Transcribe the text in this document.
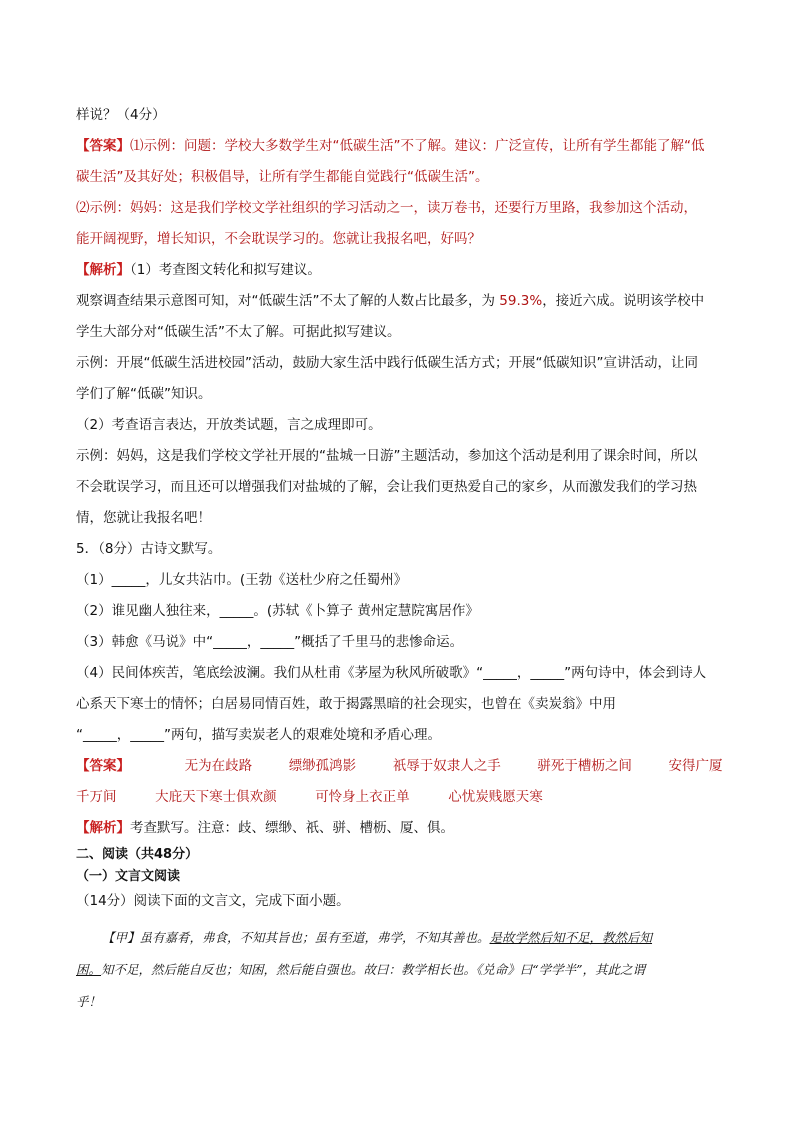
样说？（4分）
【答案】⑴示例：问题：学校大多数学生对“低碳生活”不了解。建议：广泛宣传，让所有学生都能了解“低
碳生活”及其好处；积极倡导，让所有学生都能自觉践行“低碳生活”。
⑵示例：妈妈：这是我们学校文学社组织的学习活动之一，读万卷书，还要行万里路，我参加这个活动，
能开阔视野，增长知识，不会耽误学习的。您就让我报名吧，好吗？
【解析】（1）考查图文转化和拟写建议。
观察调查结果示意图可知，对“低碳生活”不太了解的人数占比最多，为 59.3%，接近六成。说明该学校中
学生大部分对“低碳生活”不太了解。可据此拟写建议。
示例：开展“低碳生活进校园”活动，鼓励大家生活中践行低碳生活方式；开展“低碳知识”宣讲活动，让同
学们了解“低碳”知识。
（2）考查语言表达，开放类试题，言之成理即可。
示例：妈妈，这是我们学校文学社开展的“盐城一日游”主题活动，参加这个活动是利用了课余时间，所以
不会耽误学习，而且还可以增强我们对盐城的了解，会让我们更热爱自己的家乡，从而激发我们的学习热
情，您就让我报名吧！
5．（8分）古诗文默写。
（1）_____，儿女共沾巾。(王勃《送杜少府之任蜀州》
（2）谁见幽人独往来，_____。(苏轼《卜算子 黄州定慧院寓居作》
（3）韩愈《马说》中“_____，_____”概括了千里马的悲惨命运。
（4）民间体疾苦，笔底绘波澜。我们从杜甫《茅屋为秋风所破歌》“_____，_____”两句诗中，体会到诗人
心系天下寒士的情怀；白居易同情百姓，敢于揭露黑暗的社会现实，也曾在《卖炭翁》中用
“_____，_____”两句，描写卖炭老人的艰难处境和矛盾心理。
【答案】	无为在歧路	缥缈孤鸿影	祇辱于奴隶人之手	骈死于槽枥之间	安得广厦
千万间	大庇天下寒士俱欢颜	可怜身上衣正单	心忧炭贱愿天寒
【解析】考查默写。注意：歧、缥缈、祇、骈、槽枥、厦、俱。
二、阅读（共48分）
（一）文言文阅读
（14分）阅读下面的文言文，完成下面小题。
【甲】虽有嘉肴，弗食，不知其旨也；虽有至道，弗学，不知其善也。是故学然后知不足，教然后知
困。知不足，然后能自反也；知困，然后能自强也。故曰：教学相长也。《兑命》曰“学学半”，其此之谓
乎！
